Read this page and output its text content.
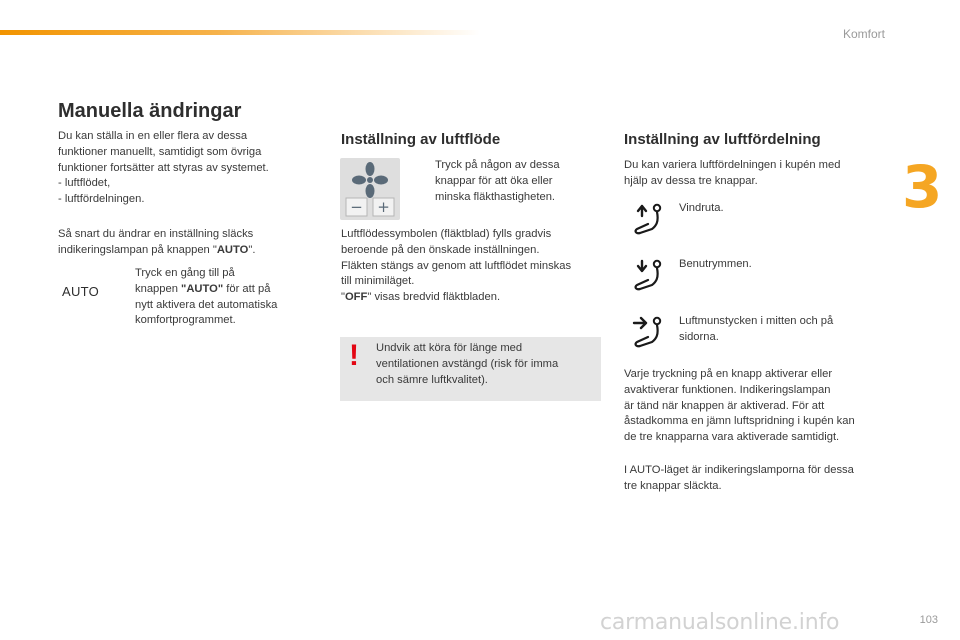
Komfort
3
103
carmanualsonline.info
Manuella ändringar

Du kan ställa in en eller flera av dessa

funktioner manuellt, samtidigt som övriga

funktioner fortsätter att styras av systemet.

- luftflödet,

- luftfördelningen.

Så snart du ändrar en inställning släcks

indikeringslampan på knappen "AUTO".

AUTO

Tryck en gång till på

knappen "AUTO" för att på

nytt aktivera det automatiska

komfortprogrammet.

Inställning av luftflöde
− +

Tryck på någon av dessa

knappar för att öka eller

minska fläkthastigheten.

Luftflödessymbolen (fläktblad) fylls gradvis

beroende på den önskade inställningen.

Fläkten stängs av genom att luftflödet minskas

till minimiläget.

"OFF" visas bredvid fläktbladen.

! Undvik att köra för länge med

ventilationen avstängd (risk för imma

och sämre luftkvalitet).

Inställning av luftfördelning

Du kan variera luftfördelningen i kupén med

hjälp av dessa tre knappar.

Vindruta.

Benutrymmen.

Luftmunstycken i mitten och på

sidorna.

Varje tryckning på en knapp aktiverar eller

avaktiverar funktionen. Indikeringslampan

är tänd när knappen är aktiverad. För att

åstadkomma en jämn luftspridning i kupén kan

de tre knapparna vara aktiverade samtidigt.

I AUTO-läget är indikeringslamporna för dessa

tre knappar släckta.
